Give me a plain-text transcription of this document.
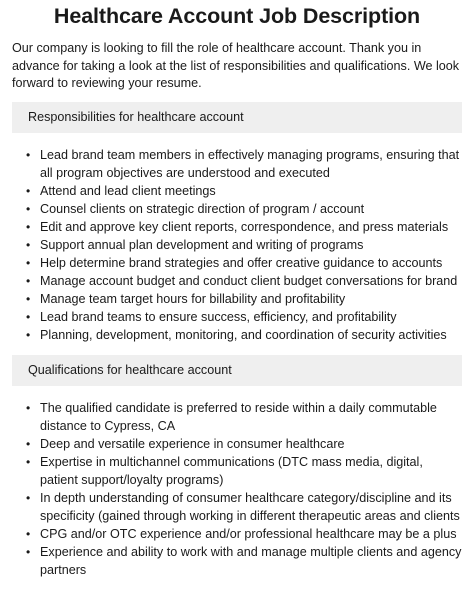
Healthcare Account Job Description

Our company is looking to fill the role of healthcare account. Thank you in advance for taking a look at the list of responsibilities and qualifications. We look forward to reviewing your resume.

Responsibilities for healthcare account
• Lead brand team members in effectively managing programs, ensuring that all program objectives are understood and executed
• Attend and lead client meetings
• Counsel clients on strategic direction of program / account
• Edit and approve key client reports, correspondence, and press materials
• Support annual plan development and writing of programs
• Help determine brand strategies and offer creative guidance to accounts
• Manage account budget and conduct client budget conversations for brand
• Manage team target hours for billability and profitability
• Lead brand teams to ensure success, efficiency, and profitability
• Planning, development, monitoring, and coordination of security activities
Qualifications for healthcare account
• The qualified candidate is preferred to reside within a daily commutable distance to Cypress, CA
• Deep and versatile experience in consumer healthcare
• Expertise in multichannel communications (DTC mass media, digital, patient support/loyalty programs)
• In depth understanding of consumer healthcare category/discipline and its specificity (gained through working in different therapeutic areas and clients
• CPG and/or OTC experience and/or professional healthcare may be a plus
• Experience and ability to work with and manage multiple clients and agency partners
